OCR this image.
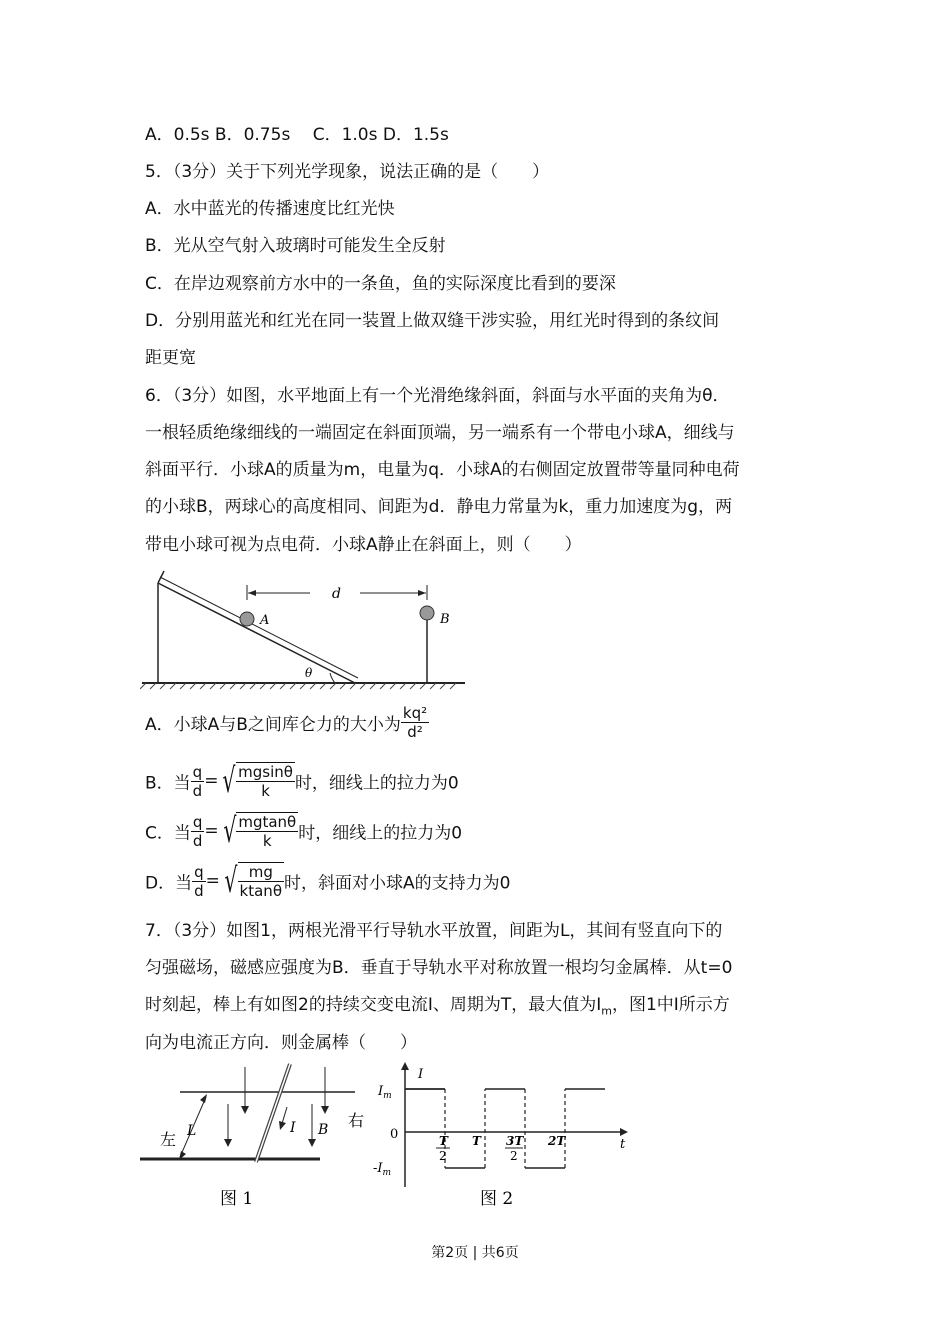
A．0.5s B．0.75s　 C．1.0s D．1.5s
5．（3分）关于下列光学现象，说法正确的是（　　）
A．水中蓝光的传播速度比红光快
B．光从空气射入玻璃时可能发生全反射
C．在岸边观察前方水中的一条鱼，鱼的实际深度比看到的要深
D．分别用蓝光和红光在同一装置上做双缝干涉实验，用红光时得到的条纹间
距更宽
6．（3分）如图，水平地面上有一个光滑绝缘斜面，斜面与水平面的夹角为θ．
一根轻质绝缘细线的一端固定在斜面顶端，另一端系有一个带电小球A，细线与
斜面平行．小球A的质量为m，电量为q．小球A的右侧固定放置带等量同种电荷
的小球B，两球心的高度相同、间距为d．静电力常量为k，重力加速度为g，两
带电小球可视为点电荷．小球A静止在斜面上，则（　　）
A	B
d
θ
A．小球A与B之间库仑力的大小为 $\frac{\text{kq²}}{\text{d²}}$
B．当 $\frac{q}{d}$ = √ $\frac{mgsin\theta}{k}$ 时，细线上的拉力为0
C．当 $\frac{q}{d}$ = √ $\frac{mgtan\theta}{k}$ 时，细线上的拉力为0
D．当 $\frac{q}{d}$ = √ $\frac{mg}{ktan\theta}$ 时，斜面对小球A的支持力为0
7．（3分）如图1，两根光滑平行导轨水平放置，间距为L，其间有竖直向下的
匀强磁场，磁感应强度为B．垂直于导轨水平对称放置一根均匀金属棒．从t=0
时刻起，棒上有如图2的持续交变电流I、周期为T，最大值为$I_m$，图1中I所示方
向为电流正方向．则金属棒（　　）
左
右
L	I B
图 1
I
$I_m$
0
$-I_m$
T
2
T 3T
2
2T	t
图 2
第2页 | 共6页
